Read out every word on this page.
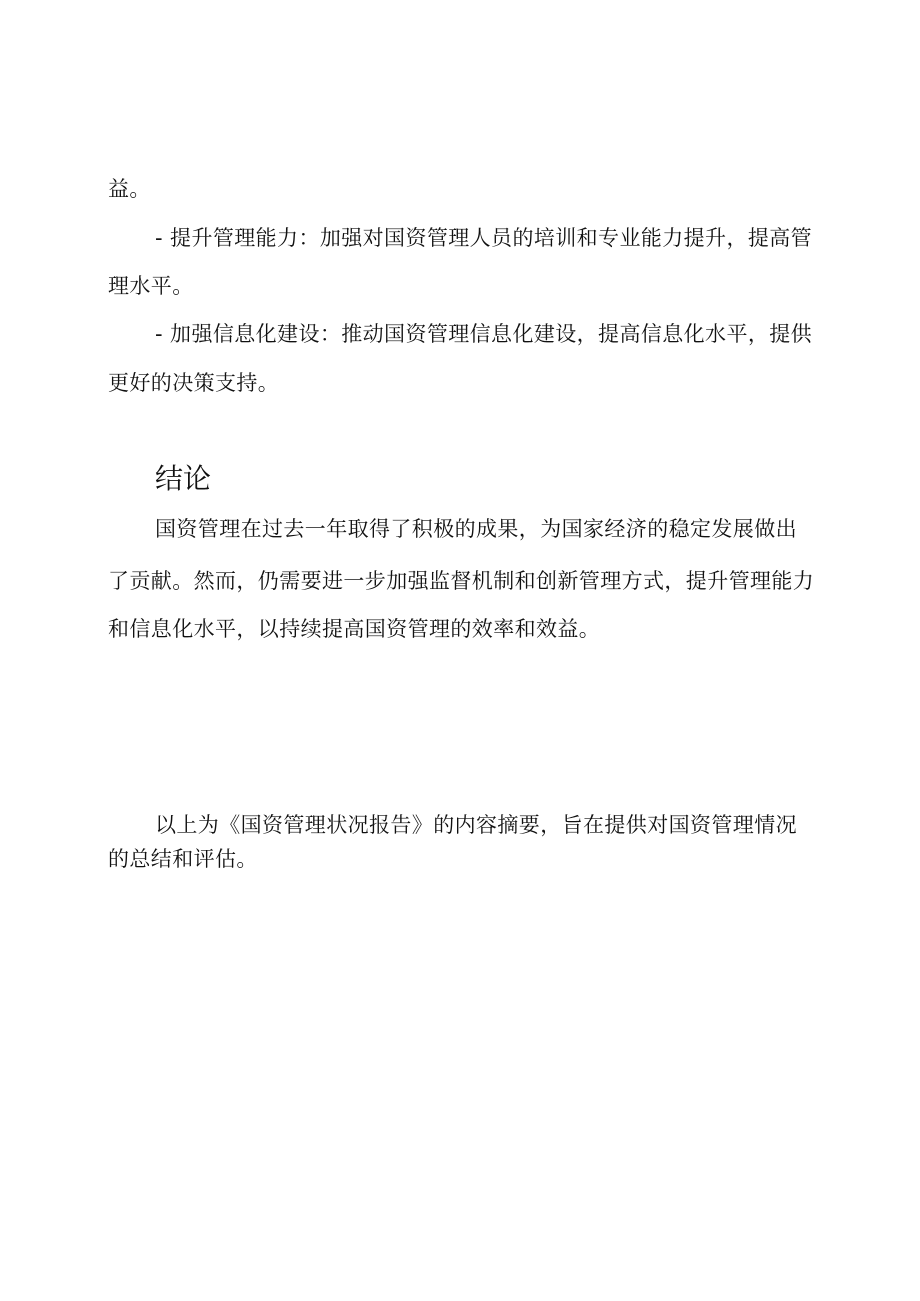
益。
- 提升管理能力：加强对国资管理人员的培训和专业能力提升，提高管
理水平。
- 加强信息化建设：推动国资管理信息化建设，提高信息化水平，提供
更好的决策支持。
结论
国资管理在过去一年取得了积极的成果，为国家经济的稳定发展做出
了贡献。然而，仍需要进一步加强监督机制和创新管理方式，提升管理能力
和信息化水平，以持续提高国资管理的效率和效益。
以上为《国资管理状况报告》的内容摘要，旨在提供对国资管理情况
的总结和评估。
